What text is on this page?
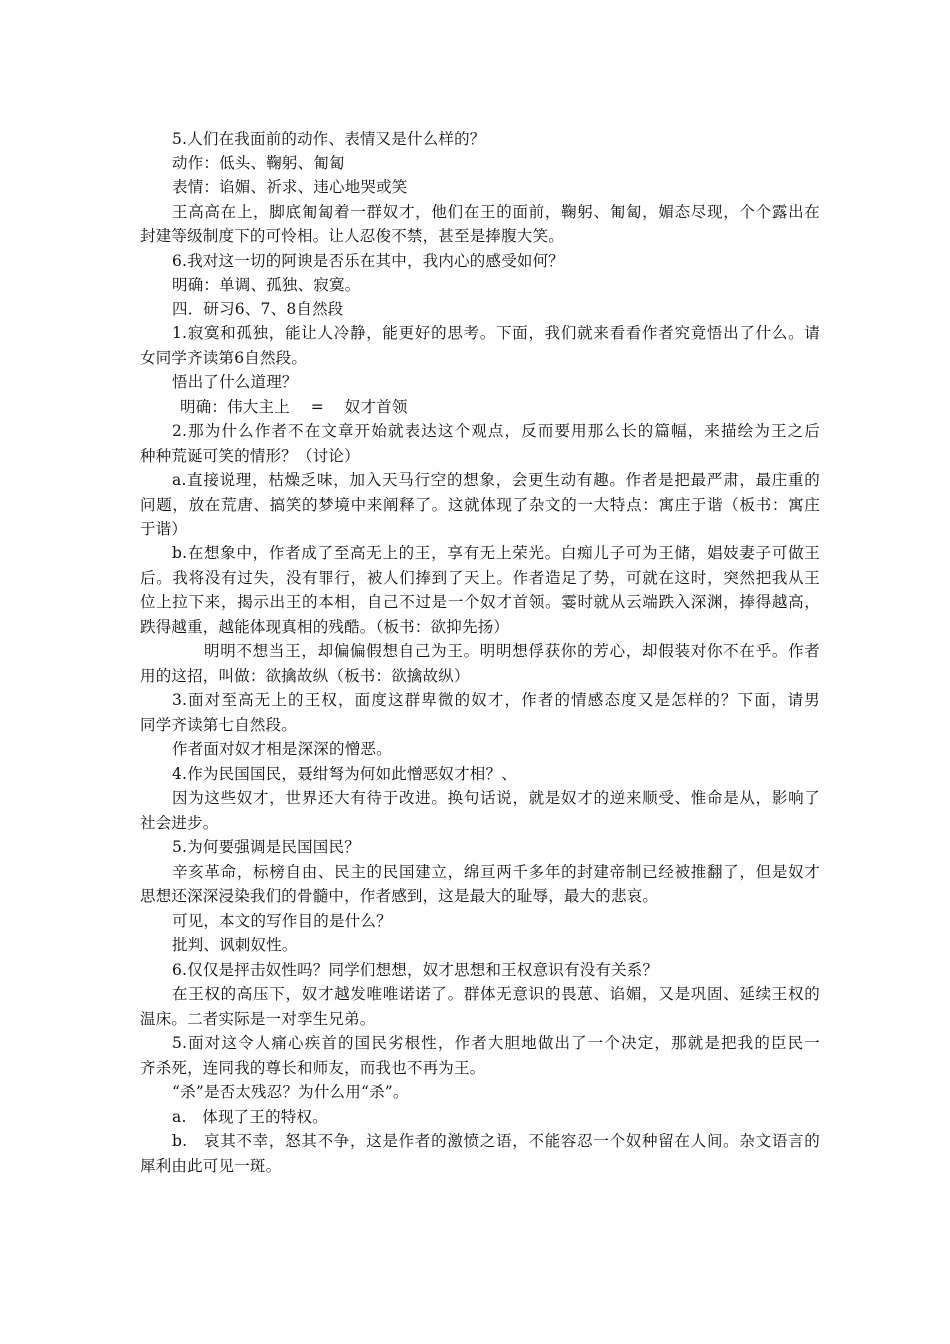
5.人们在我面前的动作、表情又是什么样的？
动作：低头、鞠躬、匍匐
表情：谄媚、祈求、违心地哭或笑
王高高在上，脚底匍匐着一群奴才，他们在王的面前，鞠躬、匍匐，媚态尽现，个个露出在
封建等级制度下的可怜相。让人忍俊不禁，甚至是捧腹大笑。
6.我对这一切的阿谀是否乐在其中，我内心的感受如何？
明确：单调、孤独、寂寞。
四．研习6、7、8自然段
1.寂寞和孤独，能让人冷静，能更好的思考。下面，我们就来看看作者究竟悟出了什么。请
女同学齐读第6自然段。
悟出了什么道理？
明确：伟大主上　 =　 奴才首领
2.那为什么作者不在文章开始就表达这个观点，反而要用那么长的篇幅，来描绘为王之后
种种荒诞可笑的情形？（讨论）
a.直接说理，枯燥乏味，加入天马行空的想象，会更生动有趣。作者是把最严肃，最庄重的
问题，放在荒唐、搞笑的梦境中来阐释了。这就体现了杂文的一大特点：寓庄于谐（板书：寓庄
于谐）
b.在想象中，作者成了至高无上的王，享有无上荣光。白痴儿子可为王储，娼妓妻子可做王
后。我将没有过失，没有罪行，被人们捧到了天上。作者造足了势，可就在这时，突然把我从王
位上拉下来，揭示出王的本相，自己不过是一个奴才首领。霎时就从云端跌入深渊，捧得越高，
跌得越重，越能体现真相的残酷。（板书：欲抑先扬）
明明不想当王，却偏偏假想自己为王。明明想俘获你的芳心，却假装对你不在乎。作者
用的这招，叫做：欲擒故纵（板书：欲擒故纵）
3.面对至高无上的王权，面度这群卑微的奴才，作者的情感态度又是怎样的？下面，请男
同学齐读第七自然段。
作者面对奴才相是深深的憎恶。
4.作为民国国民，聂绀弩为何如此憎恶奴才相？、
因为这些奴才，世界还大有待于改进。换句话说，就是奴才的逆来顺受、惟命是从，影响了
社会进步。
5.为何要强调是民国国民？
辛亥革命，标榜自由、民主的民国建立，绵亘两千多年的封建帝制已经被推翻了，但是奴才
思想还深深浸染我们的骨髓中，作者感到，这是最大的耻辱，最大的悲哀。
可见，本文的写作目的是什么？
批判、讽刺奴性。
6.仅仅是抨击奴性吗？同学们想想，奴才思想和王权意识有没有关系？
在王权的高压下，奴才越发唯唯诺诺了。群体无意识的畏葸、谄媚，又是巩固、延续王权的
温床。二者实际是一对孪生兄弟。
5.面对这令人痛心疾首的国民劣根性，作者大胆地做出了一个决定，那就是把我的臣民一
齐杀死，连同我的尊长和师友，而我也不再为王。
“杀”是否太残忍？为什么用“杀”。
a.　体现了王的特权。
b.　哀其不幸，怒其不争，这是作者的激愤之语，不能容忍一个奴种留在人间。杂文语言的
犀利由此可见一斑。
